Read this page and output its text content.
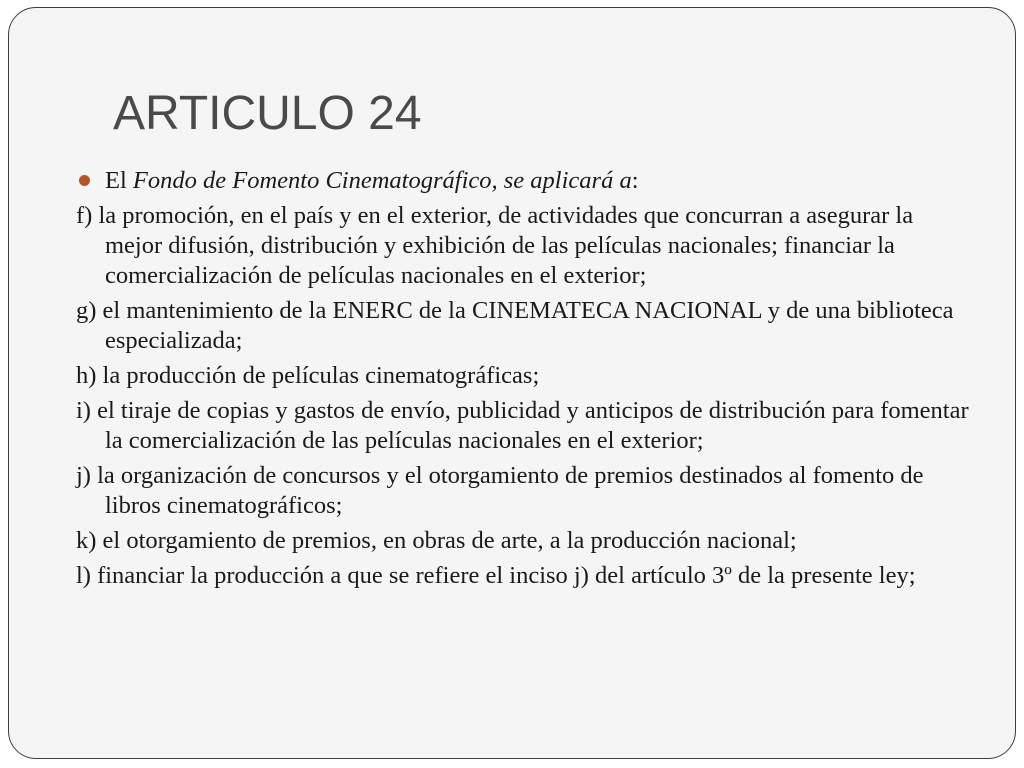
ARTICULO 24
El Fondo de Fomento Cinematográfico, se aplicará a:
f) la promoción, en el país y en el exterior, de actividades que concurran a asegurar la mejor difusión, distribución y exhibición de las películas nacionales; financiar la comercialización de películas nacionales en el exterior;
g) el mantenimiento de la ENERC de la CINEMATECA NACIONAL y de una biblioteca especializada;
h) la producción de películas cinematográficas;
i) el tiraje de copias y gastos de envío, publicidad y anticipos de distribución para fomentar la comercialización de las películas nacionales en el exterior;
j) la organización de concursos y el otorgamiento de premios destinados al fomento de libros cinematográficos;
k) el otorgamiento de premios, en obras de arte, a la producción nacional;
l) financiar la producción a que se refiere el inciso j) del artículo 3º de la presente ley;
